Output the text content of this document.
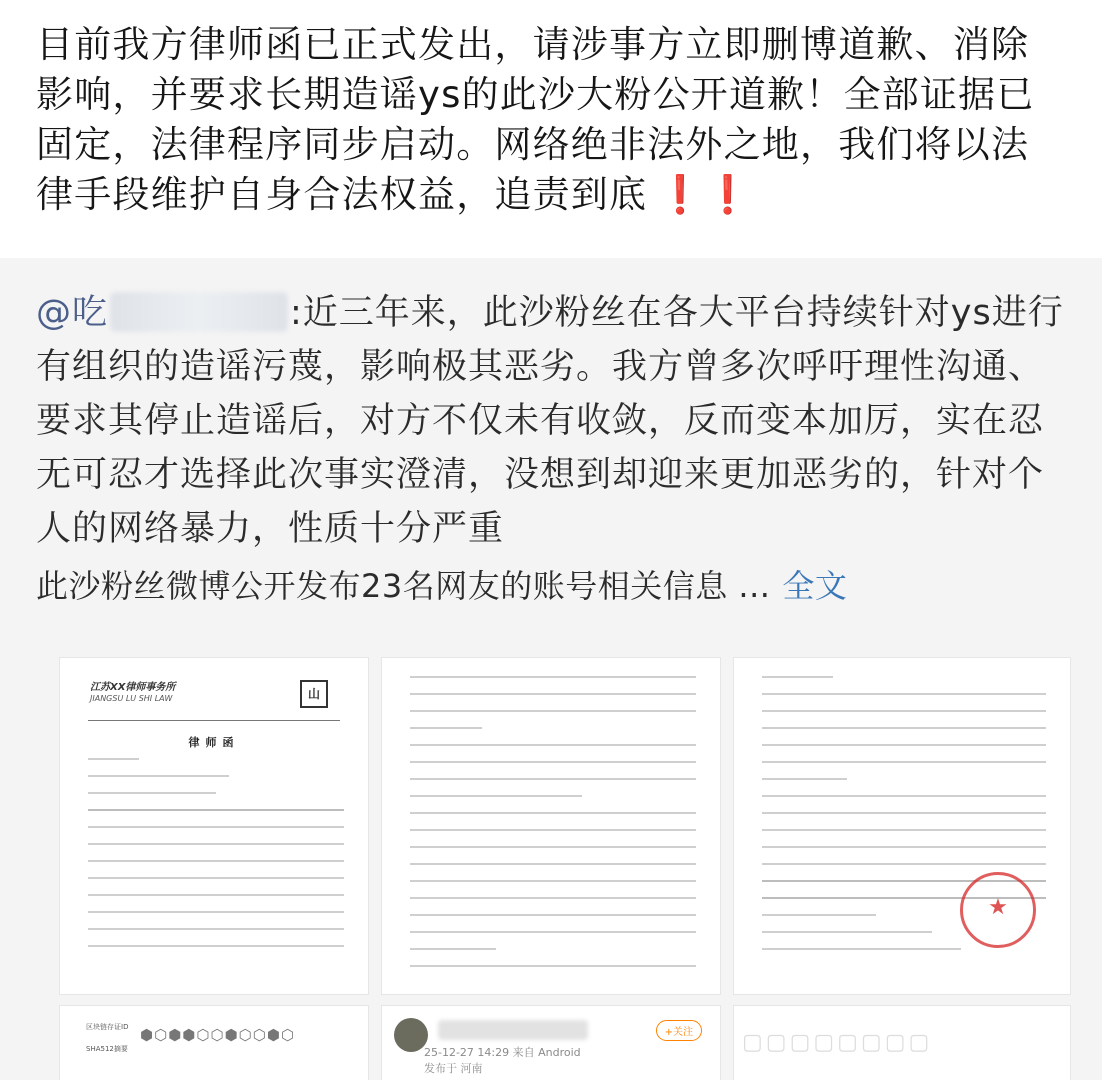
目前我方律师函已正式发出，请涉事方立即删博道歉、消除
影响，并要求长期造谣ys的此沙大粉公开道歉！全部证据已
固定，法律程序同步启动。网络绝非法外之地，我们将以法
律手段维护自身合法权益，追责到底 ❗❗
@吃	:近三年来，此沙粉丝在各大平台持续针对ys进行
有组织的造谣污蔑，影响极其恶劣。我方曾多次呼吁理性沟通、
要求其停止造谣后，对方不仅未有收敛，反而变本加厉，实在忍
无可忍才选择此次事实澄清，没想到却迎来更加恶劣的，针对个
人的网络暴力，性质十分严重
此沙粉丝微博公开发布23名网友的账号相关信息 ... 全文
江苏XX律师事务所
JIANGSU LU SHI LAW	山
律师函
★
区块链存证ID
SHA512摘要
⬢⬡⬢⬢⬡⬡⬢⬡⬡⬢⬡
25-12-27 14:29 来自 Android
发布于 河南
+关注	▢▢▢▢▢▢▢▢
